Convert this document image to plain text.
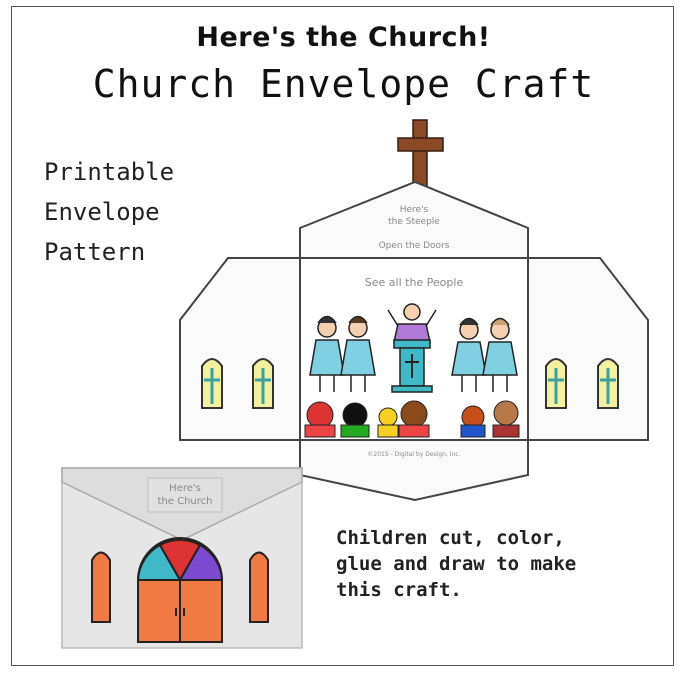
Here's the Church!
Church Envelope Craft
Printable
Envelope
Pattern
Here's
the Steeple
Open the Doors
See all the People
©2015 - Digital by Design, Inc.
Here's
the Church
Children cut, color,
glue and draw to make
this craft.
